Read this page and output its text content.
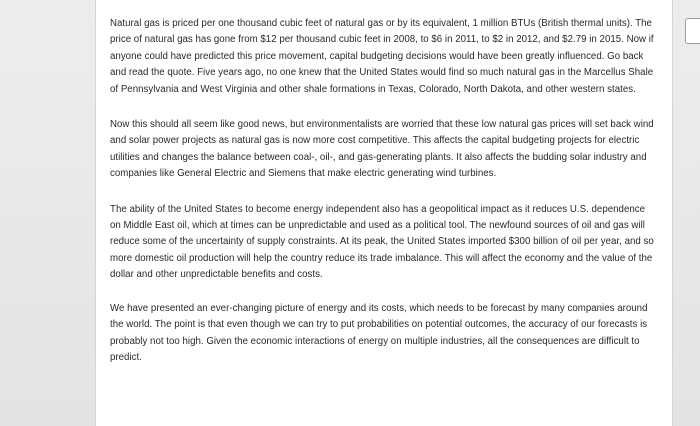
Natural gas is priced per one thousand cubic feet of natural gas or by its equivalent, 1 million BTUs (British thermal units). The price of natural gas has gone from $12 per thousand cubic feet in 2008, to $6 in 2011, to $2 in 2012, and $2.79 in 2015. Now if anyone could have predicted this price movement, capital budgeting decisions would have been greatly influenced. Go back and read the quote. Five years ago, no one knew that the United States would find so much natural gas in the Marcellus Shale of Pennsylvania and West Virginia and other shale formations in Texas, Colorado, North Dakota, and other western states.

Now this should all seem like good news, but environmentalists are worried that these low natural gas prices will set back wind and solar power projects as natural gas is now more cost competitive. This affects the capital budgeting projects for electric utilities and changes the balance between coal-, oil-, and gas-generating plants. It also affects the budding solar industry and companies like General Electric and Siemens that make electric generating wind turbines.

The ability of the United States to become energy independent also has a geopolitical impact as it reduces U.S. dependence on Middle East oil, which at times can be unpredictable and used as a political tool. The newfound sources of oil and gas will reduce some of the uncertainty of supply constraints. At its peak, the United States imported $300 billion of oil per year, and so more domestic oil production will help the country reduce its trade imbalance. This will affect the economy and the value of the dollar and other unpredictable benefits and costs.

We have presented an ever-changing picture of energy and its costs, which needs to be forecast by many companies around the world. The point is that even though we can try to put probabilities on potential outcomes, the accuracy of our forecasts is probably not too high. Given the economic interactions of energy on multiple industries, all the consequences are difficult to predict.
